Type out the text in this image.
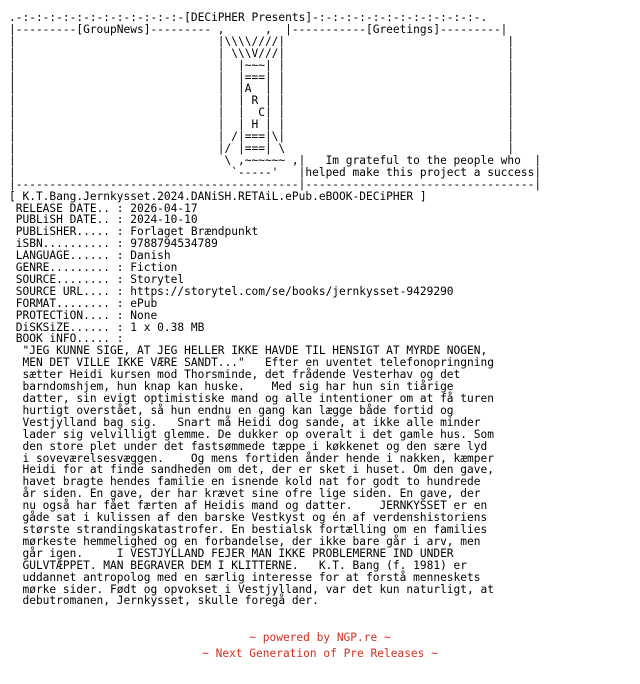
.-:-:-:-:-:-:-:-:-:-:-:-:-[DECiPHER Presents]-:-:-:-:-:-:-:-:-:-:-:-:-.
|---------[GroupNews]--------- ,      ,  |-----------[Greetings]---------|
|                              |\\\\////|                                 |
|                              | \\\V///|                                 |
|                              |  |~~~| |                                 |
|                              |  |===| |                                 |
|                              |  |A  | |                                 |
|                              |  | R | |                                 |
|                              |  |  C| |                                 |
|                              |  | H | |                                 |
|                              | /|===|\|                                 |
|                              |/ |===| \                                 |
|                               \ ,~~~~~~ ,|   Im grateful to the people who  |
|                                `-----'   |helped make this project a success|
|------------------------------------------|----------------------------------|
[ K.T.Bang.Jernkysset.2024.DANiSH.RETAiL.ePub.eBOOK-DECiPHER ]
RELEASE DATE.. : 2026-04-17
PUBLiSH DATE.. : 2024-10-10
PUBLiSHER..... : Forlaget Brændpunkt
iSBN.......... : 9788794534789
LANGUAGE...... : Danish
GENRE......... : Fiction
SOURCE........ : Storytel
SOURCE URL.... : https://storytel.com/se/books/jernkysset-9429290
FORMAT........ : ePub
PROTECTiON.... : None
DiSKSiZE...... : 1 x 0.38 MB
BOOK iNFO..... :
"JEG KUNNE SIGE, AT JEG HELLER IKKE HAVDE TIL HENSIGT AT MYRDE NOGEN,
MEN DET VILLE IKKE VÆRE SANDT..."   Efter en uventet telefonopringning
sætter Heidi kursen mod Thorsminde, det frådende Vesterhav og det
barndomshjem, hun knap kan huske.    Med sig har hun sin tiårige
datter, sin evigt optimistiske mand og alle intentioner om at få turen
hurtigt overstået, så hun endnu en gang kan lægge både fortid og
Vestjylland bag sig.   Snart må Heidi dog sande, at ikke alle minder
lader sig velvilligt glemme. De dukker op overalt i det gamle hus. Som
den store plet under det fastsømmede tæppe i køkkenet og den sære lyd
i soveværelsesvæggen.    Og mens fortiden ånder hende i nakken, kæmper
Heidi for at finde sandheden om det, der er sket i huset. Om den gave,
havet bragte hendes familie en isnende kold nat for godt to hundrede
år siden. En gave, der har krævet sine ofre lige siden. En gave, der
nu også har fået færten af Heidis mand og datter.    JERNKYSSET er en
gåde sat i kulissen af den barske Vestkyst og én af verdenshistoriens
største strandingskatastrofer. En bestialsk fortælling om en families
mørkeste hemmelighed og en forbandelse, der ikke bare går i arv, men
går igen.     I VESTJYLLAND FEJER MAN IKKE PROBLEMERNE IND UNDER
GULVTÆPPET. MAN BEGRAVER DEM I KLITTERNE.   K.T. Bang (f. 1981) er
uddannet antropolog med en særlig interesse for at forstå menneskets
mørke sider. Født og opvokset i Vestjylland, var det kun naturligt, at
debutromanen, Jernkysset, skulle foregå der.

~ powered by NGP.re ~
~ Next Generation of Pre Releases ~
